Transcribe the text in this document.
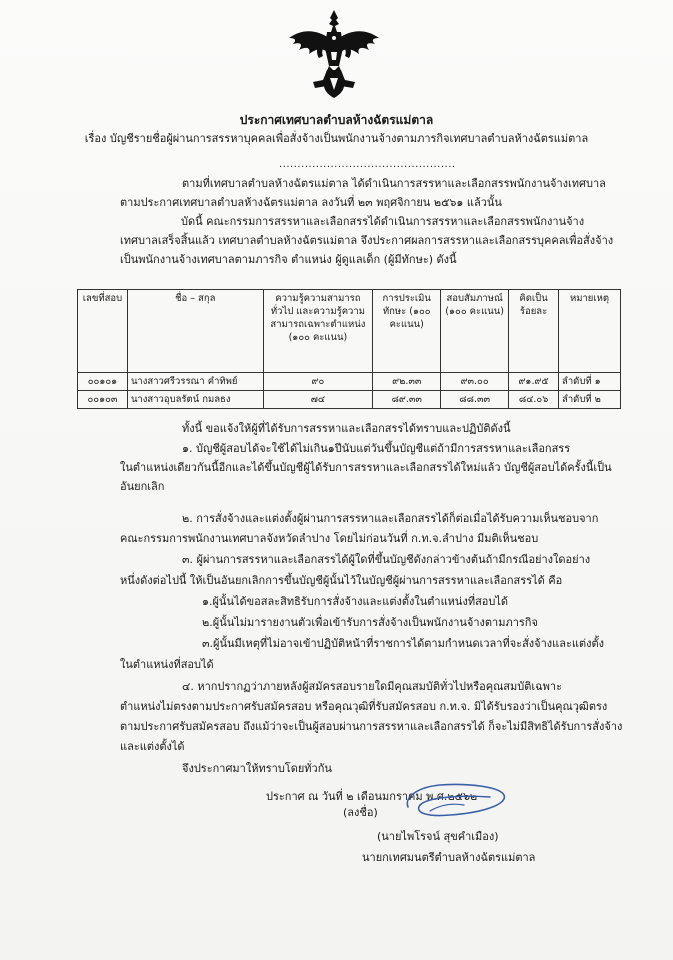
ประกาศเทศบาลตำบลห้างฉัตรแม่ตาล
เรื่อง บัญชีรายชื่อผู้ผ่านการสรรหาบุคคลเพื่อสั่งจ้างเป็นพนักงานจ้างตามภารกิจเทศบาลตำบลห้างฉัตรแม่ตาล
................................................
ตามที่เทศบาลตำบลห้างฉัตรแม่ตาล ได้ดำเนินการสรรหาและเลือกสรรพนักงานจ้างเทศบาล
ตามประกาศเทศบาลตำบลห้างฉัตรแม่ตาล ลงวันที่ ๒๓ พฤศจิกายน ๒๕๖๑ แล้วนั้น
บัดนี้ คณะกรรมการสรรหาและเลือกสรรได้ดำเนินการสรรหาและเลือกสรรพนักงานจ้าง
เทศบาลเสร็จสิ้นแล้ว เทศบาลตำบลห้างฉัตรแม่ตาล จึงประกาศผลการสรรหาและเลือกสรรบุคคลเพื่อสั่งจ้าง
เป็นพนักงานจ้างเทศบาลตามภารกิจ ตำแหน่ง ผู้ดูแลเด็ก (ผู้มีทักษะ) ดังนี้
เลขที่สอบ	ชื่อ – สกุล	ความรู้ความสามารถทั่วไป และความรู้ความสามารถเฉพาะตำแหน่ง (๑๐๐ คะแนน)	การประเมินทักษะ (๑๐๐ คะแนน)	สอบสัมภาษณ์ (๑๐๐ คะแนน)	คิดเป็นร้อยละ	หมายเหตุ
๐๐๑๐๑	นางสาวศรีวรรณา คำทิพย์	๙๐	๙๒.๓๓	๙๓.๐๐	๙๑.๙๕	ลำดับที่ ๑
๐๐๑๐๓	นางสาวอุบลรัตน์ กมลธง	๗๔	๘๙.๓๓	๘๘.๓๓	๘๔.๐๖	ลำดับที่ ๒
ทั้งนี้ ขอแจ้งให้ผู้ที่ได้รับการสรรหาและเลือกสรรได้ทราบและปฏิบัติดังนี้
๑. บัญชีผู้สอบได้จะใช้ได้ไม่เกิน๑ปีนับแต่วันขึ้นบัญชีแต่ถ้ามีการสรรหาและเลือกสรร
ในตำแหน่งเดียวกันนี้อีกและได้ขึ้นบัญชีผู้ได้รับการสรรหาและเลือกสรรได้ใหม่แล้ว บัญชีผู้สอบได้ครั้งนี้เป็น
อันยกเลิก
๒. การสั่งจ้างและแต่งตั้งผู้ผ่านการสรรหาและเลือกสรรได้ก็ต่อเมื่อได้รับความเห็นชอบจาก
คณะกรรมการพนักงานเทศบาลจังหวัดลำปาง โดยไม่ก่อนวันที่ ก.ท.จ.ลำปาง มีมติเห็นชอบ
๓. ผู้ผ่านการสรรหาและเลือกสรรได้ผู้ใดที่ขึ้นบัญชีดังกล่าวข้างต้นถ้ามีกรณีอย่างใดอย่าง
หนึ่งดังต่อไปนี้ ให้เป็นอันยกเลิกการขึ้นบัญชีผู้นั้นไว้ในบัญชีผู้ผ่านการสรรหาและเลือกสรรได้ คือ
๑.ผู้นั้นได้ขอสละสิทธิรับการสั่งจ้างและแต่งตั้งในตำแหน่งที่สอบได้
๒.ผู้นั้นไม่มารายงานตัวเพื่อเข้ารับการสั่งจ้างเป็นพนักงานจ้างตามภารกิจ
๓.ผู้นั้นมีเหตุที่ไม่อาจเข้าปฏิบัติหน้าที่ราชการได้ตามกำหนดเวลาที่จะสั่งจ้างและแต่งตั้ง
ในตำแหน่งที่สอบได้
๔. หากปรากฏว่าภายหลังผู้สมัครสอบรายใดมีคุณสมบัติทั่วไปหรือคุณสมบัติเฉพาะ
ตำแหน่งไม่ตรงตามประกาศรับสมัครสอบ หรือคุณวุฒิที่รับสมัครสอบ ก.ท.จ. มิได้รับรองว่าเป็นคุณวุฒิตรง
ตามประกาศรับสมัครสอบ ถึงแม้ว่าจะเป็นผู้สอบผ่านการสรรหาและเลือกสรรได้ ก็จะไม่มีสิทธิได้รับการสั่งจ้าง
และแต่งตั้งได้
จึงประกาศมาให้ทราบโดยทั่วกัน
ประกาศ ณ วันที่ ๒ เดือนมกราคม พ.ศ.๒๕๖๒
(ลงชื่อ)
(นายไพโรจน์ สุขคำเมือง)
นายกเทศมนตรีตำบลห้างฉัตรแม่ตาล
